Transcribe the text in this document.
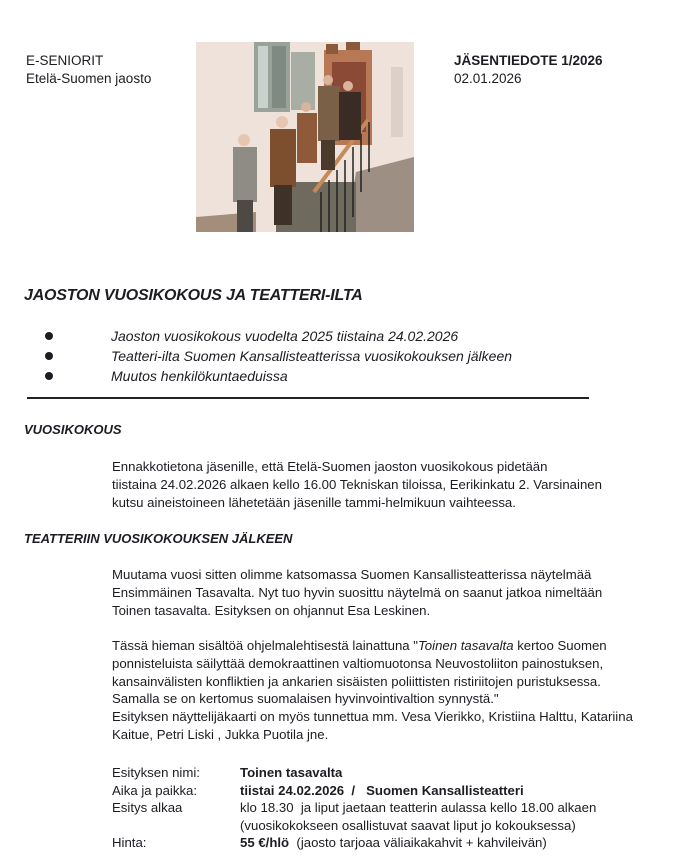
E-SENIORIT
Etelä-Suomen jaosto
JÄSENTIEDOTE 1/2026
02.01.2026
JAOSTON VUOSIKOKOUS JA TEATTERI-ILTA
Jaoston vuosikokous vuodelta 2025 tiistaina 24.02.2026
Teatteri-ilta Suomen Kansallisteatterissa vuosikokouksen jälkeen
Muutos henkilökuntaeduissa
VUOSIKOKOUS
Ennakkotietona jäsenille, että Etelä-Suomen jaoston vuosikokous pidetään
tiistaina 24.02.2026 alkaen kello 16.00 Tekniskan tiloissa, Eerikinkatu 2. Varsinainen
kutsu aineistoineen lähetetään jäsenille tammi-helmikuun vaihteessa.
TEATTERIIN VUOSIKOKOUKSEN JÄLKEEN
Muutama vuosi sitten olimme katsomassa Suomen Kansallisteatterissa näytelmää
Ensimmäinen Tasavalta. Nyt tuo hyvin suosittu näytelmä on saanut jatkoa nimeltään
Toinen tasavalta. Esityksen on ohjannut Esa Leskinen.
Tässä hieman sisältöä ohjelmalehtisestä lainattuna "Toinen tasavalta kertoo Suomen
ponnisteluista säilyttää demokraattinen valtiomuotonsa Neuvostoliiton painostuksen,
kansainvälisten konfliktien ja ankarien sisäisten poliittisten ristiriitojen puristuksessa.
Samalla se on kertomus suomalaisen hyvinvointivaltion synnystä."
Esityksen näyttelijäkaarti on myös tunnettua mm. Vesa Vierikko, Kristiina Halttu, Katariina
Kaitue, Petri Liski , Jukka Puotila jne.
Esityksen nimi:	Toinen tasavalta
Aika ja paikka:	tiistai 24.02.2026  /   Suomen Kansallisteatteri
Esitys alkaa	klo 18.30  ja liput jaetaan teatterin aulassa kello 18.00 alkaen
(vuosikokokseen osallistuvat saavat liput jo kokouksessa)
Hinta:	55 €/hlö  (jaosto tarjoaa väliaikakahvit + kahvileivän)
